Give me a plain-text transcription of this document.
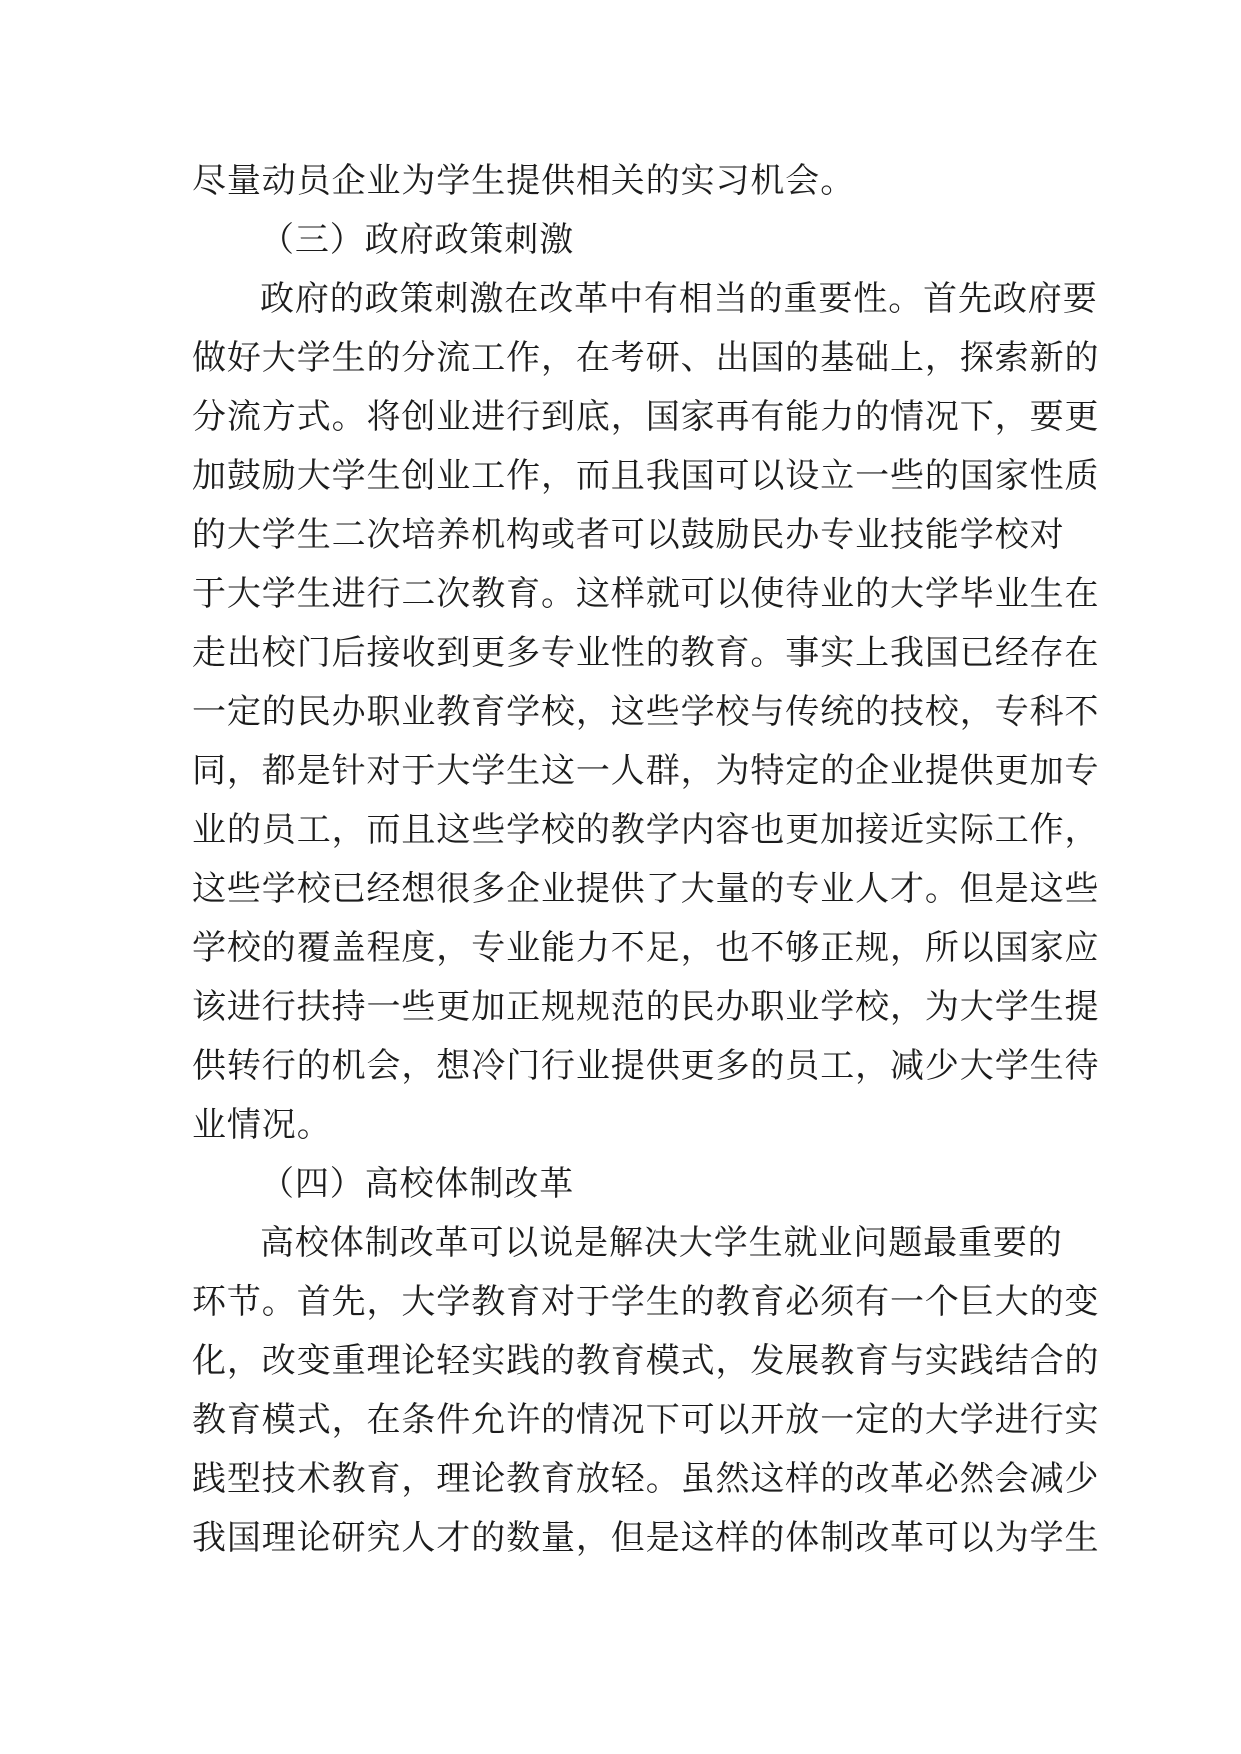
尽量动员企业为学生提供相关的实习机会。
（三）政府政策刺激
政府的政策刺激在改革中有相当的重要性。首先政府要
做好大学生的分流工作，在考研、出国的基础上，探索新的
分流方式。将创业进行到底，国家再有能力的情况下，要更
加鼓励大学生创业工作，而且我国可以设立一些的国家性质
的大学生二次培养机构或者可以鼓励民办专业技能学校对
于大学生进行二次教育。这样就可以使待业的大学毕业生在
走出校门后接收到更多专业性的教育。事实上我国已经存在
一定的民办职业教育学校，这些学校与传统的技校，专科不
同，都是针对于大学生这一人群，为特定的企业提供更加专
业的员工，而且这些学校的教学内容也更加接近实际工作，
这些学校已经想很多企业提供了大量的专业人才。但是这些
学校的覆盖程度，专业能力不足，也不够正规，所以国家应
该进行扶持一些更加正规规范的民办职业学校，为大学生提
供转行的机会，想冷门行业提供更多的员工，减少大学生待
业情况。
（四）高校体制改革
高校体制改革可以说是解决大学生就业问题最重要的
环节。首先，大学教育对于学生的教育必须有一个巨大的变
化，改变重理论轻实践的教育模式，发展教育与实践结合的
教育模式，在条件允许的情况下可以开放一定的大学进行实
践型技术教育，理论教育放轻。虽然这样的改革必然会减少
我国理论研究人才的数量，但是这样的体制改革可以为学生
